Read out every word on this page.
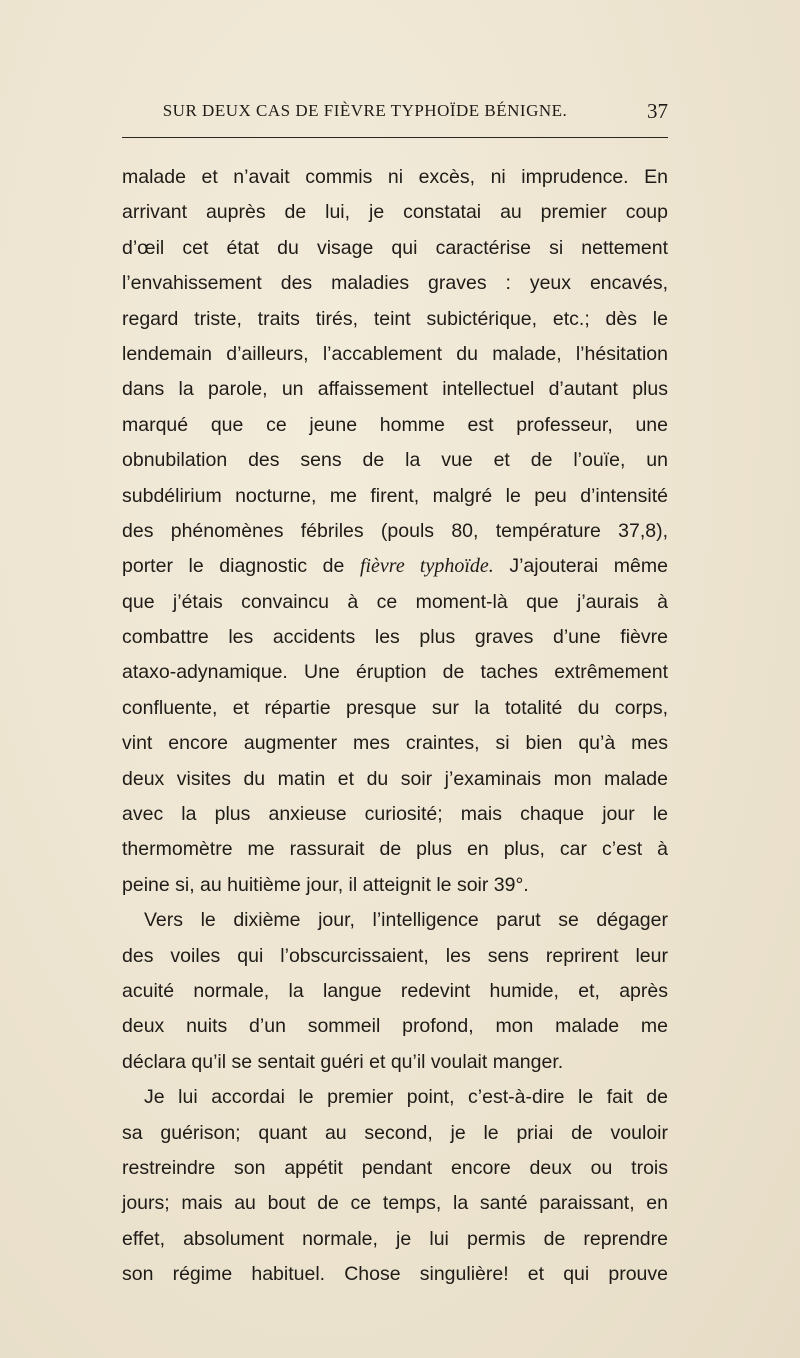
SUR DEUX CAS DE FIÈVRE TYPHOÏDE BÉNIGNE.	37
malade et n’avait commis ni excès, ni imprudence. En
arrivant auprès de lui, je constatai au premier coup
d’œil cet état du visage qui caractérise si nettement
l’envahissement des maladies graves : yeux encavés,
regard triste, traits tirés, teint subictérique, etc.; dès le
lendemain d’ailleurs, l’accablement du malade, l’hésitation
dans la parole, un affaissement intellectuel d’autant plus
marqué que ce jeune homme est professeur, une
obnubilation des sens de la vue et de l’ouïe, un
subdélirium nocturne, me firent, malgré le peu d’intensité
des phénomènes fébriles (pouls 80, température 37,8),
porter le diagnostic de fièvre typhoïde. J’ajouterai même
que j’étais convaincu à ce moment-là que j’aurais à
combattre les accidents les plus graves d’une fièvre
ataxo-adynamique. Une éruption de taches extrêmement
confluente, et répartie presque sur la totalité du corps,
vint encore augmenter mes craintes, si bien qu’à mes
deux visites du matin et du soir j’examinais mon malade
avec la plus anxieuse curiosité; mais chaque jour le
thermomètre me rassurait de plus en plus, car c’est à
peine si, au huitième jour, il atteignit le soir 39°.
Vers le dixième jour, l’intelligence parut se dégager
des voiles qui l’obscurcissaient, les sens reprirent leur
acuité normale, la langue redevint humide, et, après
deux nuits d’un sommeil profond, mon malade me
déclara qu’il se sentait guéri et qu’il voulait manger.
Je lui accordai le premier point, c’est-à-dire le fait de
sa guérison; quant au second, je le priai de vouloir
restreindre son appétit pendant encore deux ou trois
jours; mais au bout de ce temps, la santé paraissant, en
effet, absolument normale, je lui permis de reprendre
son régime habituel. Chose singulière! et qui prouve
